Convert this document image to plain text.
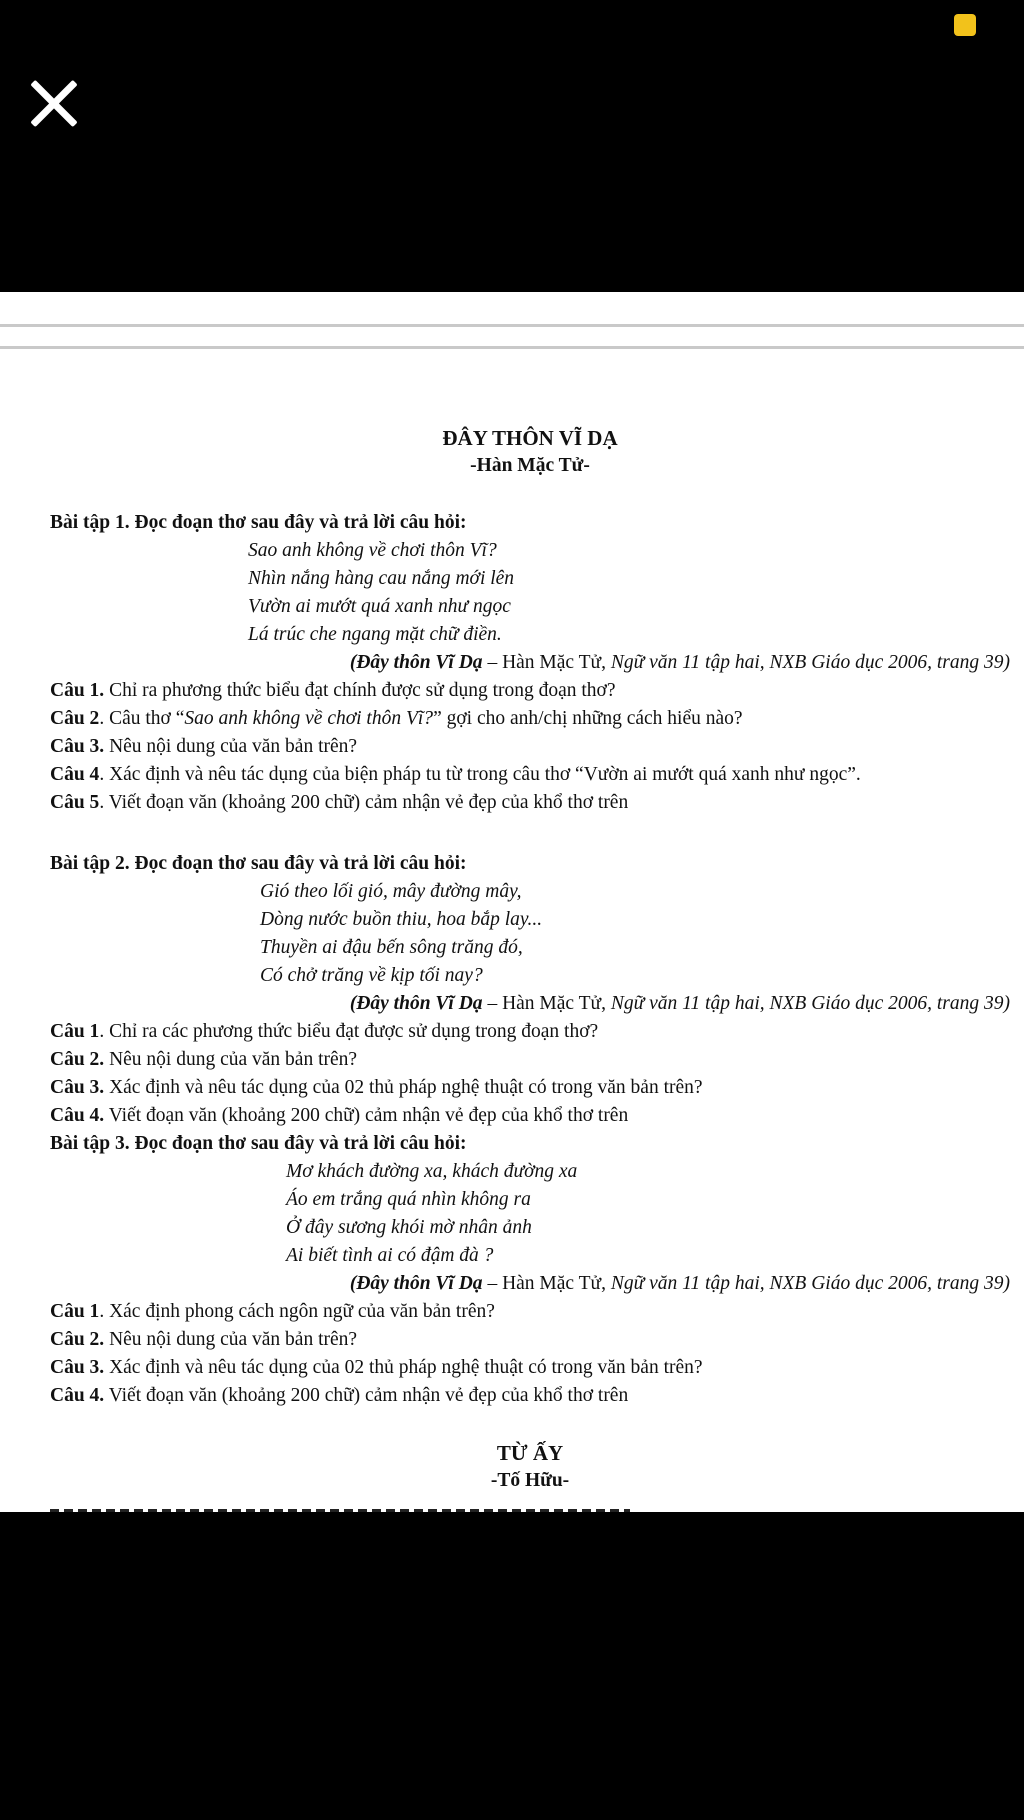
ĐÂY THÔN VĨ DẠ
-Hàn Mặc Tử-
Bài tập 1. Đọc đoạn thơ sau đây và trả lời câu hỏi:
Sao anh không về chơi thôn Vĩ?
Nhìn nắng hàng cau nắng mới lên
Vườn ai mướt quá xanh như ngọc
Lá trúc che ngang mặt chữ điền.
(Đây thôn Vĩ Dạ – Hàn Mặc Tử, Ngữ văn 11 tập hai, NXB Giáo dục 2006, trang 39)
Câu 1. Chỉ ra phương thức biểu đạt chính được sử dụng trong đoạn thơ?
Câu 2. Câu thơ “Sao anh không về chơi thôn Vĩ?” gợi cho anh/chị những cách hiểu nào?
Câu 3. Nêu nội dung của văn bản trên?
Câu 4. Xác định và nêu tác dụng của biện pháp tu từ trong câu thơ “Vườn ai mướt quá xanh như ngọc”.
Câu 5. Viết đoạn văn (khoảng 200 chữ) cảm nhận vẻ đẹp của khổ thơ trên
Bài tập 2. Đọc đoạn thơ sau đây và trả lời câu hỏi:
Gió theo lối gió, mây đường mây,
Dòng nước buồn thiu, hoa bắp lay...
Thuyền ai đậu bến sông trăng đó,
Có chở trăng về kịp tối nay?
(Đây thôn Vĩ Dạ – Hàn Mặc Tử, Ngữ văn 11 tập hai, NXB Giáo dục 2006, trang 39)
Câu 1. Chỉ ra các phương thức biểu đạt được sử dụng trong đoạn thơ?
Câu 2. Nêu nội dung của văn bản trên?
Câu 3. Xác định và nêu tác dụng của 02 thủ pháp nghệ thuật có trong văn bản trên?
Câu 4. Viết đoạn văn (khoảng 200 chữ) cảm nhận vẻ đẹp của khổ thơ trên
Bài tập 3. Đọc đoạn thơ sau đây và trả lời câu hỏi:
Mơ khách đường xa, khách đường xa
Áo em trắng quá nhìn không ra
Ở đây sương khói mờ nhân ảnh
Ai biết tình ai có đậm đà ?
(Đây thôn Vĩ Dạ – Hàn Mặc Tử, Ngữ văn 11 tập hai, NXB Giáo dục 2006, trang 39)
Câu 1. Xác định phong cách ngôn ngữ của văn bản trên?
Câu 2. Nêu nội dung của văn bản trên?
Câu 3. Xác định và nêu tác dụng của 02 thủ pháp nghệ thuật có trong văn bản trên?
Câu 4. Viết đoạn văn (khoảng 200 chữ) cảm nhận vẻ đẹp của khổ thơ trên
TỪ ẤY
-Tố Hữu-
